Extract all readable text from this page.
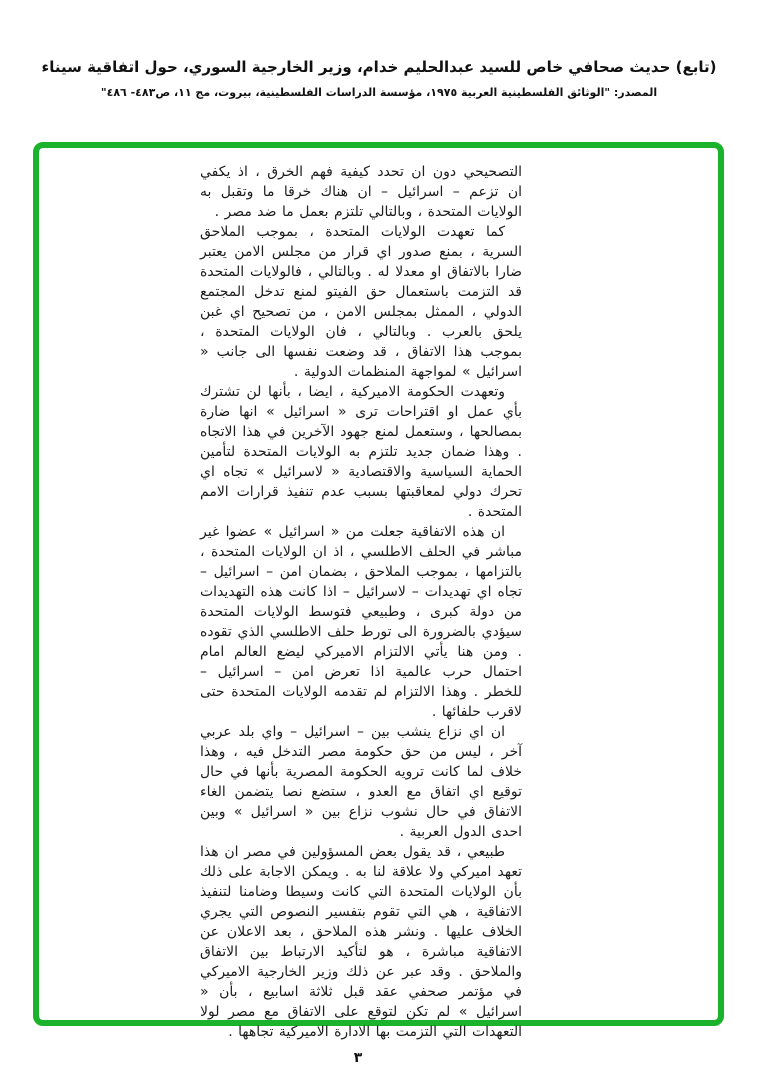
(تابع) حديث صحافي خاص للسيد عبدالحليم خدام، وزير الخارجية السوري، حول اتفاقية سيناء
المصدر: "الوثائق الفلسطينية العربية ١٩٧٥، مؤسسة الدراسات الفلسطينية، بيروت، مج ١١، ص٤٨٣- ٤٨٦"

التصحيحي دون ان تحدد كيفية فهم الخرق ، اذ يكفي ان تزعم – اسرائيل – ان هناك خرقا ما وتقبل به الولايات المتحدة ، وبالتالي تلتزم بعمل ما ضد مصر .

كما تعهدت الولايات المتحدة ، بموجب الملاحق السرية ، بمنع صدور اي قرار من مجلس الامن يعتبر ضارا بالاتفاق او معدلا له . وبالتالي ، فالولايات المتحدة قد التزمت باستعمال حق الفيتو لمنع تدخل المجتمع الدولي ، الممثل بمجلس الامن ، من تصحيح اي غبن يلحق بالعرب . وبالتالي ، فان الولايات المتحدة ، بموجب هذا الاتفاق ، قد وضعت نفسها الى جانب « اسرائيل » لمواجهة المنظمات الدولية .

وتعهدت الحكومة الاميركية ، ايضا ، بأنها لن تشترك بأي عمل او اقتراحات ترى « اسرائيل » انها ضارة بمصالحها ، وستعمل لمنع جهود الآخرين في هذا الاتجاه . وهذا ضمان جديد تلتزم به الولايات المتحدة لتأمين الحماية السياسية والاقتصادية « لاسرائيل » تجاه اي تحرك دولي لمعاقبتها بسبب عدم تنفيذ قرارات الامم المتحدة .

ان هذه الاتفاقية جعلت من « اسرائيل » عضوا غير مباشر في الحلف الاطلسي ، اذ ان الولايات المتحدة ، بالتزامها ، بموجب الملاحق ، بضمان امن – اسرائيل – تجاه اي تهديدات – لاسرائيل – اذا كانت هذه التهديدات من دولة كبرى ، وطبيعي فتوسط الولايات المتحدة سيؤدي بالضرورة الى تورط حلف الاطلسي الذي تقوده . ومن هنا يأتي الالتزام الاميركي ليضع العالم امام احتمال حرب عالمية اذا تعرض امن – اسرائيل – للخطر . وهذا الالتزام لم تقدمه الولايات المتحدة حتى لاقرب حلفائها .

ان اي نزاع ينشب بين – اسرائيل – واي بلد عربي آخر ، ليس من حق حكومة مصر التدخل فيه ، وهذا خلاف لما كانت ترويه الحكومة المصرية بأنها في حال توقيع اي اتفاق مع العدو ، ستضع نصا يتضمن الغاء الاتفاق في حال نشوب نزاع بين « اسرائيل » وبين احدى الدول العربية .

طبيعي ، قد يقول بعض المسؤولين في مصر ان هذا تعهد اميركي ولا علاقة لنا به . ويمكن الاجابة على ذلك بأن الولايات المتحدة التي كانت وسيطا وضامنا لتنفيذ الاتفاقية ، هي التي تقوم بتفسير النصوص التي يجري الخلاف عليها . ونشر هذه الملاحق ، بعد الاعلان عن الاتفاقية مباشرة ، هو لتأكيد الارتباط بين الاتفاق والملاحق . وقد عبر عن ذلك وزير الخارجية الاميركي في مؤتمر صحفي عقد قبل ثلاثة اسابيع ، بأن « اسرائيل » لم تكن لتوقع على الاتفاق مع مصر لولا التعهدات التي التزمت بها الادارة الاميركية تجاهها .

٣
